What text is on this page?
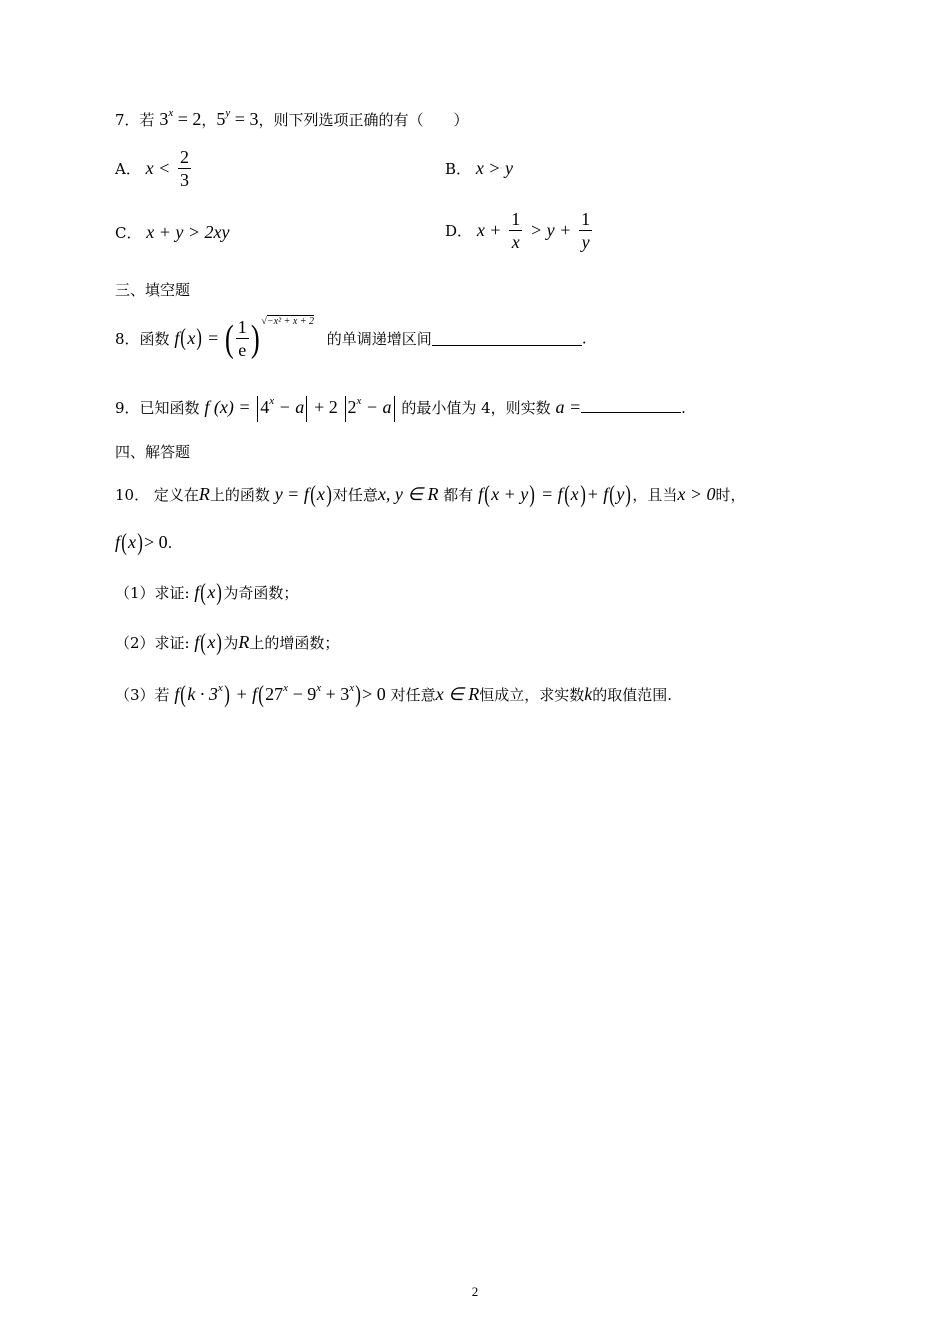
7．若 $3^x = 2$，$5^y = 3$，则下列选项正确的有（　　）
A． $x < \frac{2}{3}$	B． x > y
C． x + y > 2xy	D． $x + \frac{1}{x} > y + \frac{1}{y}$
三、填空题
8．函数 f(x) = ( $\frac{1}{e}$ ) √−x² + x + 2 的单调递增区间	.
9．已知函数 f $(x) = 4^x - a + 2$ $2^x - a$ 的最小值为 4，则实数 a =	.
四、解答题
10． 定义在R上的函数 y = f(x)对任意x, y ∈ R 都有 f(x + y) = f(x)+ f(y)，且当x > 0时，
f(x)> 0.
（1）求证: f(x)为奇函数；
（2）求证: f(x)为R上的增函数；
（3）若 $f(k \cdot 3^x) + f(27^x - 9^x + 3^x)> 0$ 对任意x ∈ R恒成立，求实数k的取值范围.
2
